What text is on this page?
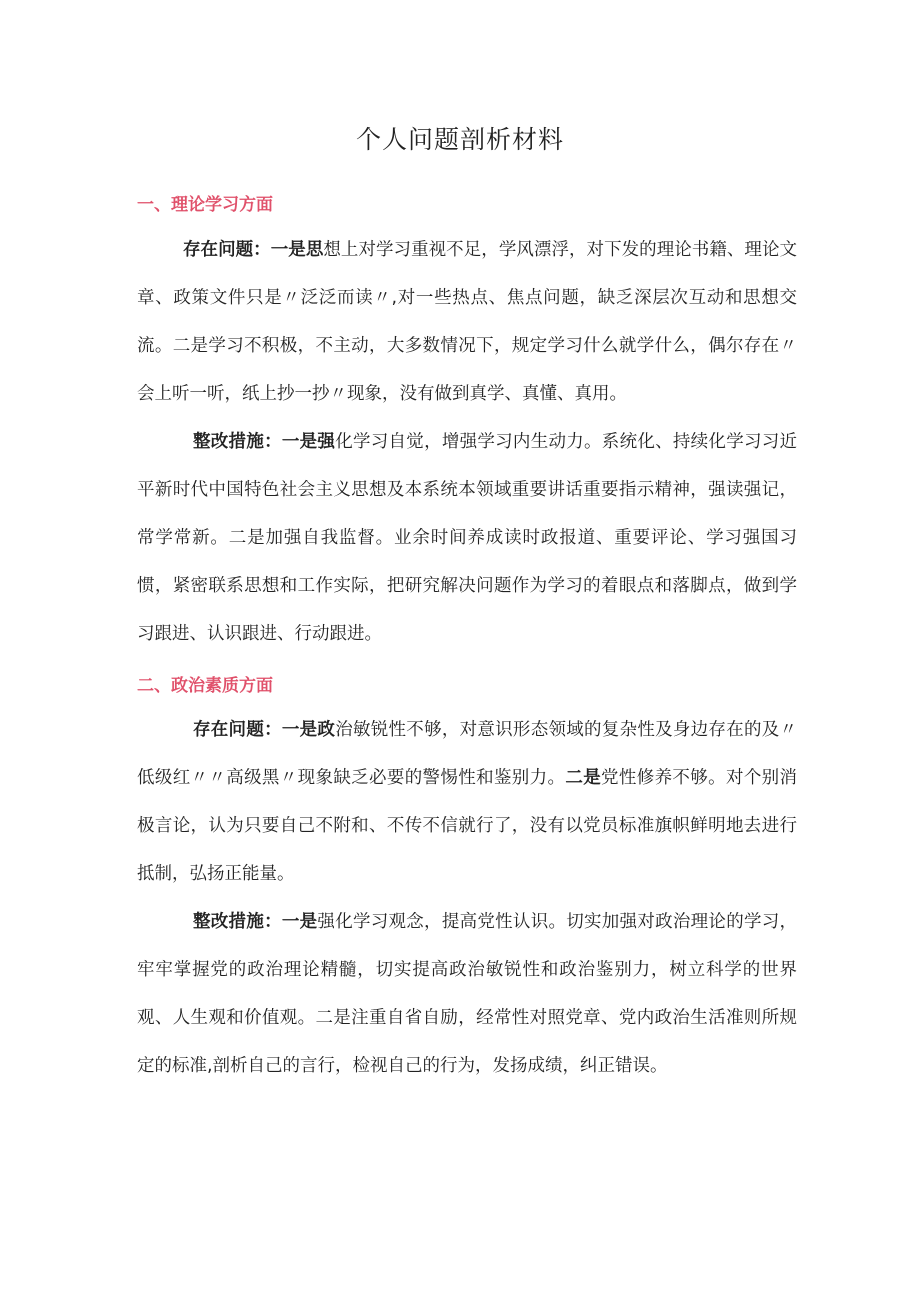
个人问题剖析材料
一、理论学习方面

存在问题：一是思想上对学习重视不足，学风漂浮，对下发的理论书籍、理论文章、政策文件只是〃泛泛而读〃,对一些热点、焦点问题，缺乏深层次互动和思想交流。二是学习不积极，不主动，大多数情况下，规定学习什么就学什么，偶尔存在〃会上听一听，纸上抄一抄〃现象，没有做到真学、真懂、真用。

整改措施：一是强化学习自觉，增强学习内生动力。系统化、持续化学习习近平新时代中国特色社会主义思想及本系统本领域重要讲话重要指示精神，强读强记，常学常新。二是加强自我监督。业余时间养成读时政报道、重要评论、学习强国习惯，紧密联系思想和工作实际，把研究解决问题作为学习的着眼点和落脚点，做到学习跟进、认识跟进、行动跟进。

二、政治素质方面

存在问题：一是政治敏锐性不够，对意识形态领域的复杂性及身边存在的及〃低级红〃〃高级黑〃现象缺乏必要的警惕性和鉴别力。二是党性修养不够。对个别消极言论，认为只要自己不附和、不传不信就行了，没有以党员标准旗帜鲜明地去进行抵制，弘扬正能量。

整改措施：一是强化学习观念，提高党性认识。切实加强对政治理论的学习，牢牢掌握党的政治理论精髓，切实提高政治敏锐性和政治鉴别力，树立科学的世界观、人生观和价值观。二是注重自省自励，经常性对照党章、党内政治生活准则所规定的标准,剖析自己的言行，检视自己的行为，发扬成绩，纠正错误。
